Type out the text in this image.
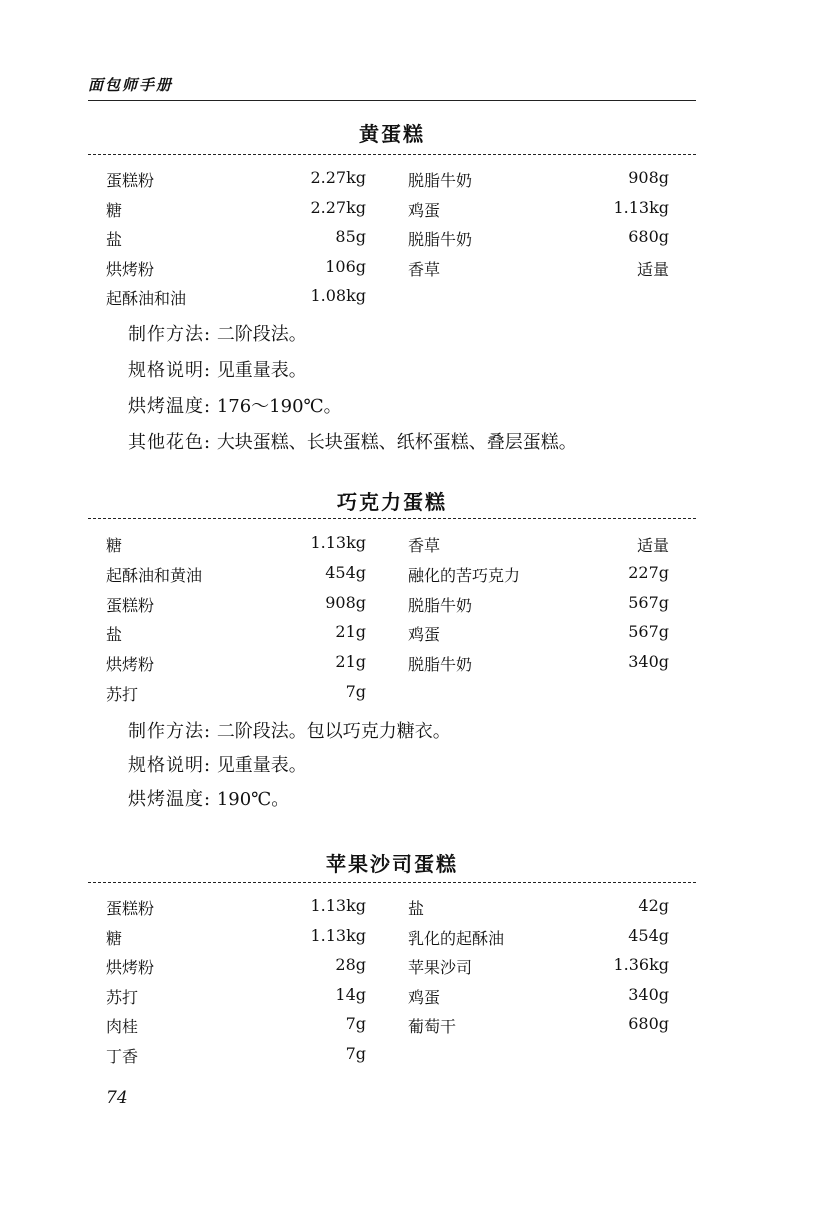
面包师手册
黄蛋糕
蛋糕粉	2.27kg	脱脂牛奶	908g
糖	2.27kg	鸡蛋	1.13kg
盐	85g	脱脂牛奶	680g
烘烤粉	106g	香草	适量
起酥油和油	1.08kg
制作方法: 二阶段法。
规格说明: 见重量表。
烘烤温度: 176～190℃。
其他花色: 大块蛋糕、长块蛋糕、纸杯蛋糕、叠层蛋糕。
巧克力蛋糕
糖	1.13kg	香草	适量
起酥油和黄油	454g	融化的苦巧克力	227g
蛋糕粉	908g	脱脂牛奶	567g
盐	21g	鸡蛋	567g
烘烤粉	21g	脱脂牛奶	340g
苏打	7g
制作方法: 二阶段法。包以巧克力糖衣。
规格说明: 见重量表。
烘烤温度: 190℃。
苹果沙司蛋糕
蛋糕粉	1.13kg	盐	42g
糖	1.13kg	乳化的起酥油	454g
烘烤粉	28g	苹果沙司	1.36kg
苏打	14g	鸡蛋	340g
肉桂	7g	葡萄干	680g
丁香	7g
74
